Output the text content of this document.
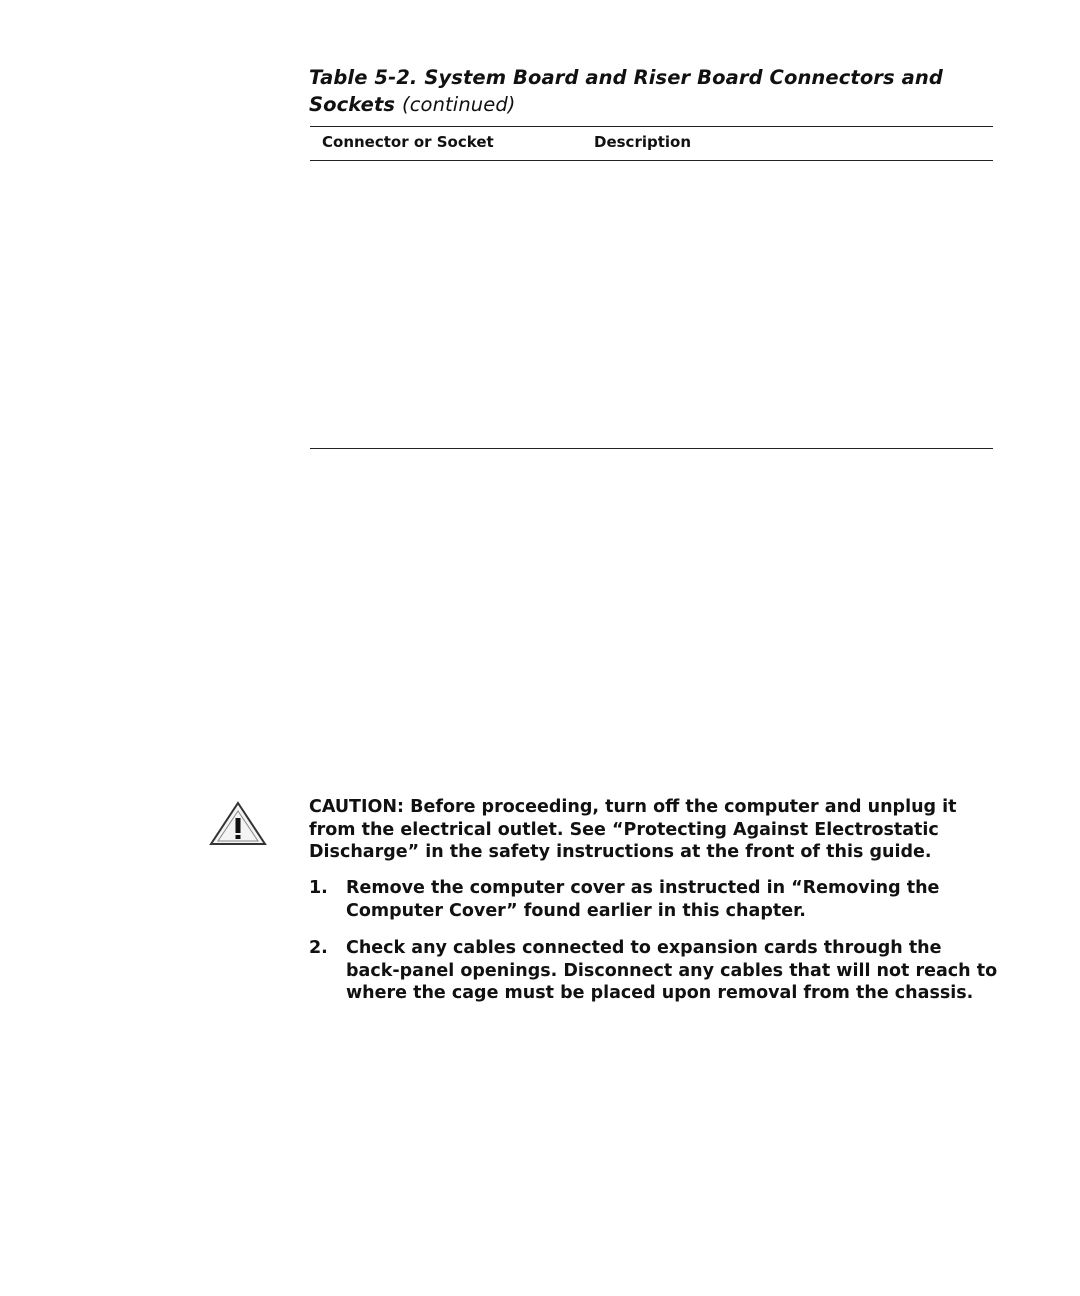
Table 5-2. System Board and Riser Board Connectors and Sockets (continued)
Connector or Socket	Description
CAUTION: Before proceeding, turn off the computer and unplug it from the electrical outlet. See “Protecting Against Electrostatic Discharge” in the safety instructions at the front of this guide.
1.	Remove the computer cover as instructed in “Removing the Computer Cover” found earlier in this chapter.
2.	Check any cables connected to expansion cards through the back-panel openings. Disconnect any cables that will not reach to where the cage must be placed upon removal from the chassis.
